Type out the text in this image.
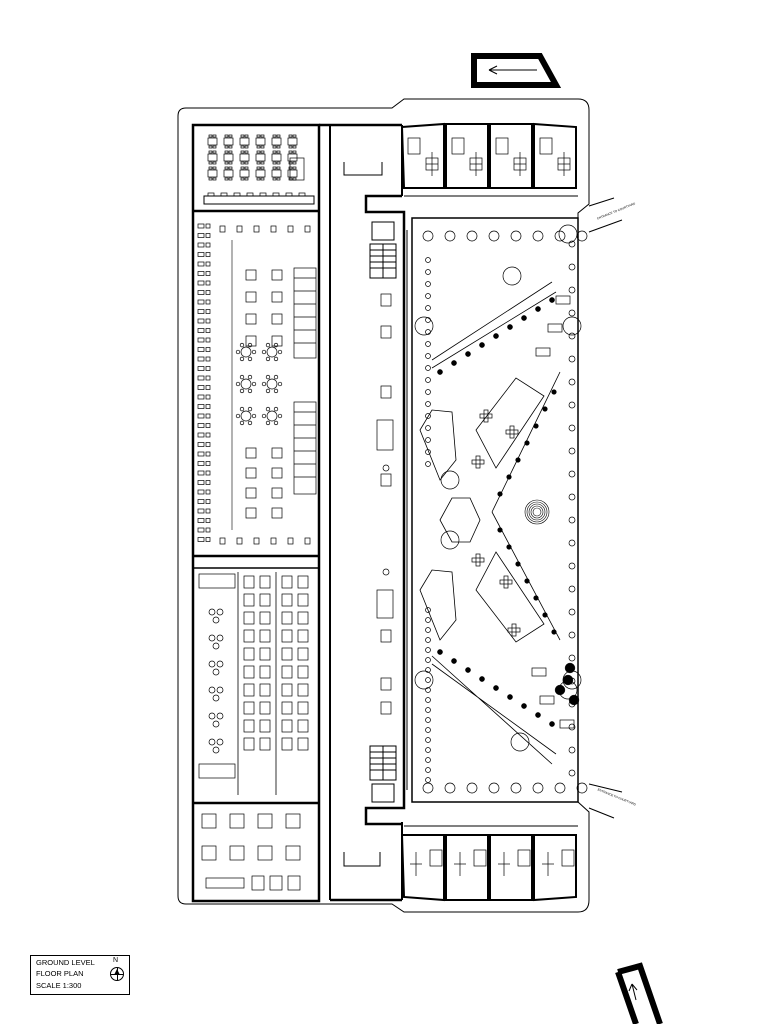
ENTRANCE TO COURTYARD
ENTRANCE TO COURTYARD
GROUND LEVEL
FLOOR PLAN
SCALE 1:300
N
